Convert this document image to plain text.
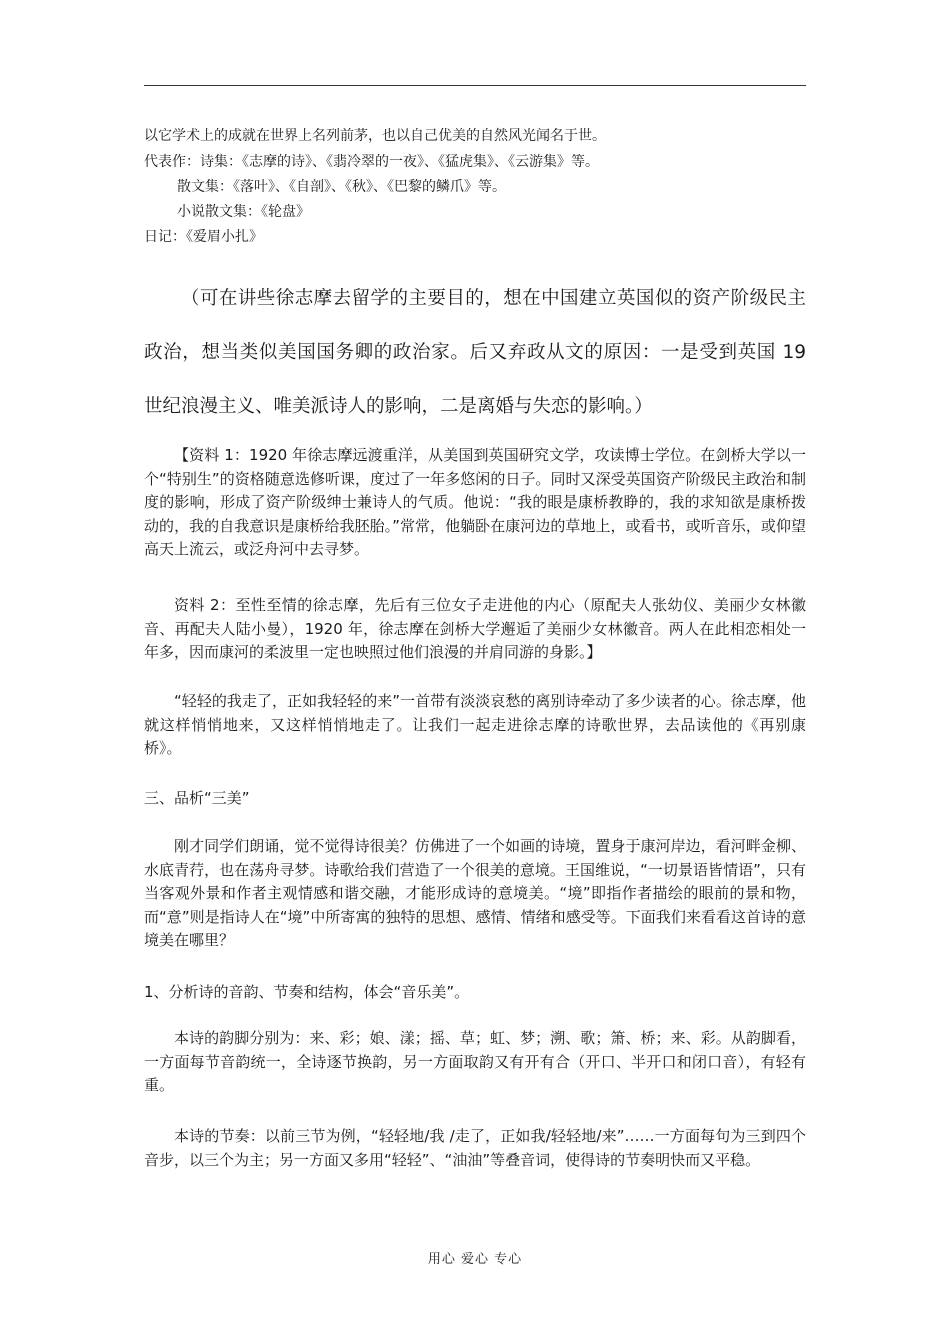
以它学术上的成就在世界上名列前茅，也以自己优美的自然风光闻名于世。
代表作：诗集：《志摩的诗》、《翡冷翠的一夜》、《猛虎集》、《云游集》等。
散文集：《落叶》、《自剖》、《秋》、《巴黎的鳞爪》等。
小说散文集：《轮盘》
日记：《爱眉小扎》
（可在讲些徐志摩去留学的主要目的，想在中国建立英国似的资产阶级民主政治，想当类似美国国务卿的政治家。后又弃政从文的原因：一是受到英国 19 世纪浪漫主义、唯美派诗人的影响，二是离婚与失恋的影响。）
【资料 1：1920 年徐志摩远渡重洋，从美国到英国研究文学，攻读博士学位。在剑桥大学以一个“特别生”的资格随意选修听课，度过了一年多悠闲的日子。同时又深受英国资产阶级民主政治和制度的影响，形成了资产阶级绅士兼诗人的气质。他说：“我的眼是康桥教睁的，我的求知欲是康桥拨动的，我的自我意识是康桥给我胚胎。”常常，他躺卧在康河边的草地上，或看书，或听音乐，或仰望高天上流云，或泛舟河中去寻梦。
资料 2：至性至情的徐志摩，先后有三位女子走进他的内心（原配夫人张幼仪、美丽少女林徽音、再配夫人陆小曼），1920 年，徐志摩在剑桥大学邂逅了美丽少女林徽音。两人在此相恋相处一年多，因而康河的柔波里一定也映照过他们浪漫的并肩同游的身影。】
“轻轻的我走了，正如我轻轻的来”一首带有淡淡哀愁的离别诗牵动了多少读者的心。徐志摩，他就这样悄悄地来，又这样悄悄地走了。让我们一起走进徐志摩的诗歌世界，去品读他的《再别康桥》。
三、品析“三美”
刚才同学们朗诵，觉不觉得诗很美？仿佛进了一个如画的诗境，置身于康河岸边，看河畔金柳、水底青荇，也在荡舟寻梦。诗歌给我们营造了一个很美的意境。王国维说，“一切景语皆情语”，只有当客观外景和作者主观情感和谐交融，才能形成诗的意境美。“境”即指作者描绘的眼前的景和物，而“意”则是指诗人在“境”中所寄寓的独特的思想、感情、情绪和感受等。下面我们来看看这首诗的意境美在哪里？
1、分析诗的音韵、节奏和结构，体会“音乐美”。
本诗的韵脚分别为：来、彩；娘、漾；摇、草；虹、梦；溯、歌；箫、桥；来、彩。从韵脚看，一方面每节音韵统一，全诗逐节换韵，另一方面取韵又有开有合（开口、半开口和闭口音），有轻有重。
本诗的节奏：以前三节为例，“轻轻地/我 /走了，正如我/轻轻地/来”……一方面每句为三到四个音步，以三个为主；另一方面又多用“轻轻”、“油油”等叠音词，使得诗的节奏明快而又平稳。
用心 爱心 专心
